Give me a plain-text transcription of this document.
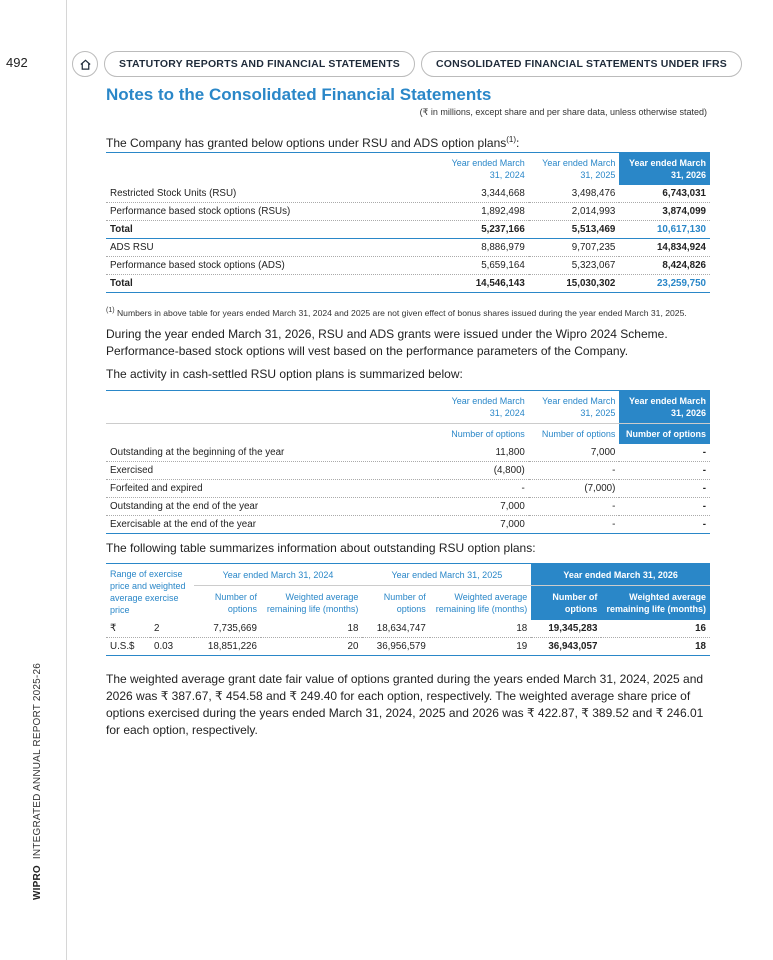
492
WIPROINTEGRATED ANNUAL REPORT 2025-26
STATUTORY REPORTS AND FINANCIAL STATEMENTS	CONSOLIDATED FINANCIAL STATEMENTS UNDER IFRS
Notes to the Consolidated Financial Statements
(₹ in millions, except share and per share data, unless otherwise stated)
The Company has granted below options under RSU and ADS option plans$^{(1)}$:
	Year ended March 31, 2024	Year ended March 31, 2025	Year ended March 31, 2026
Restricted Stock Units (RSU)	3,344,668	3,498,476	6,743,031
Performance based stock options (RSUs)	1,892,498	2,014,993	3,874,099
Total	5,237,166	5,513,469	10,617,130
ADS RSU	8,886,979	9,707,235	14,834,924
Performance based stock options (ADS)	5,659,164	5,323,067	8,424,826
Total	14,546,143	15,030,302	23,259,750
$^{(1)}$ Numbers in above table for years ended March 31, 2024 and 2025 are not given effect of bonus shares issued during the year ended March 31, 2025.
During the year ended March 31, 2026, RSU and ADS grants were issued under the Wipro 2024 Scheme. Performance-based stock options will vest based on the performance parameters of the Company.
The activity in cash-settled RSU option plans is summarized below:
	Year ended March 31, 2024	Year ended March 31, 2025	Year ended March 31, 2026
	Number of options	Number of options	Number of options
Outstanding at the beginning of the year	11,800	7,000	-
Exercised	(4,800)	-	-
Forfeited and expired	-	(7,000)	-
Outstanding at the end of the year	7,000	-	-
Exercisable at the end of the year	7,000	-	-
The following table summarizes information about outstanding RSU option plans:
Range of exercise price and weighted average exercise price		Year ended March 31, 2024		Year ended March 31, 2025		Year ended March 31, 2026	
		Number of options	Weighted average remaining life (months)	Number of options	Weighted average remaining life (months)	Number of options	Weighted average remaining life (months)
₹	2	7,735,669	18	18,634,747	18	19,345,283	16
U.S.$	0.03	18,851,226	20	36,956,579	19	36,943,057	18
The weighted average grant date fair value of options granted during the years ended March 31, 2024, 2025 and 2026 was ₹ 387.67, ₹ 454.58 and ₹ 249.40 for each option, respectively. The weighted average share price of options exercised during the years ended March 31, 2024, 2025 and 2026 was ₹ 422.87, ₹ 389.52 and ₹ 246.01 for each option, respectively.
